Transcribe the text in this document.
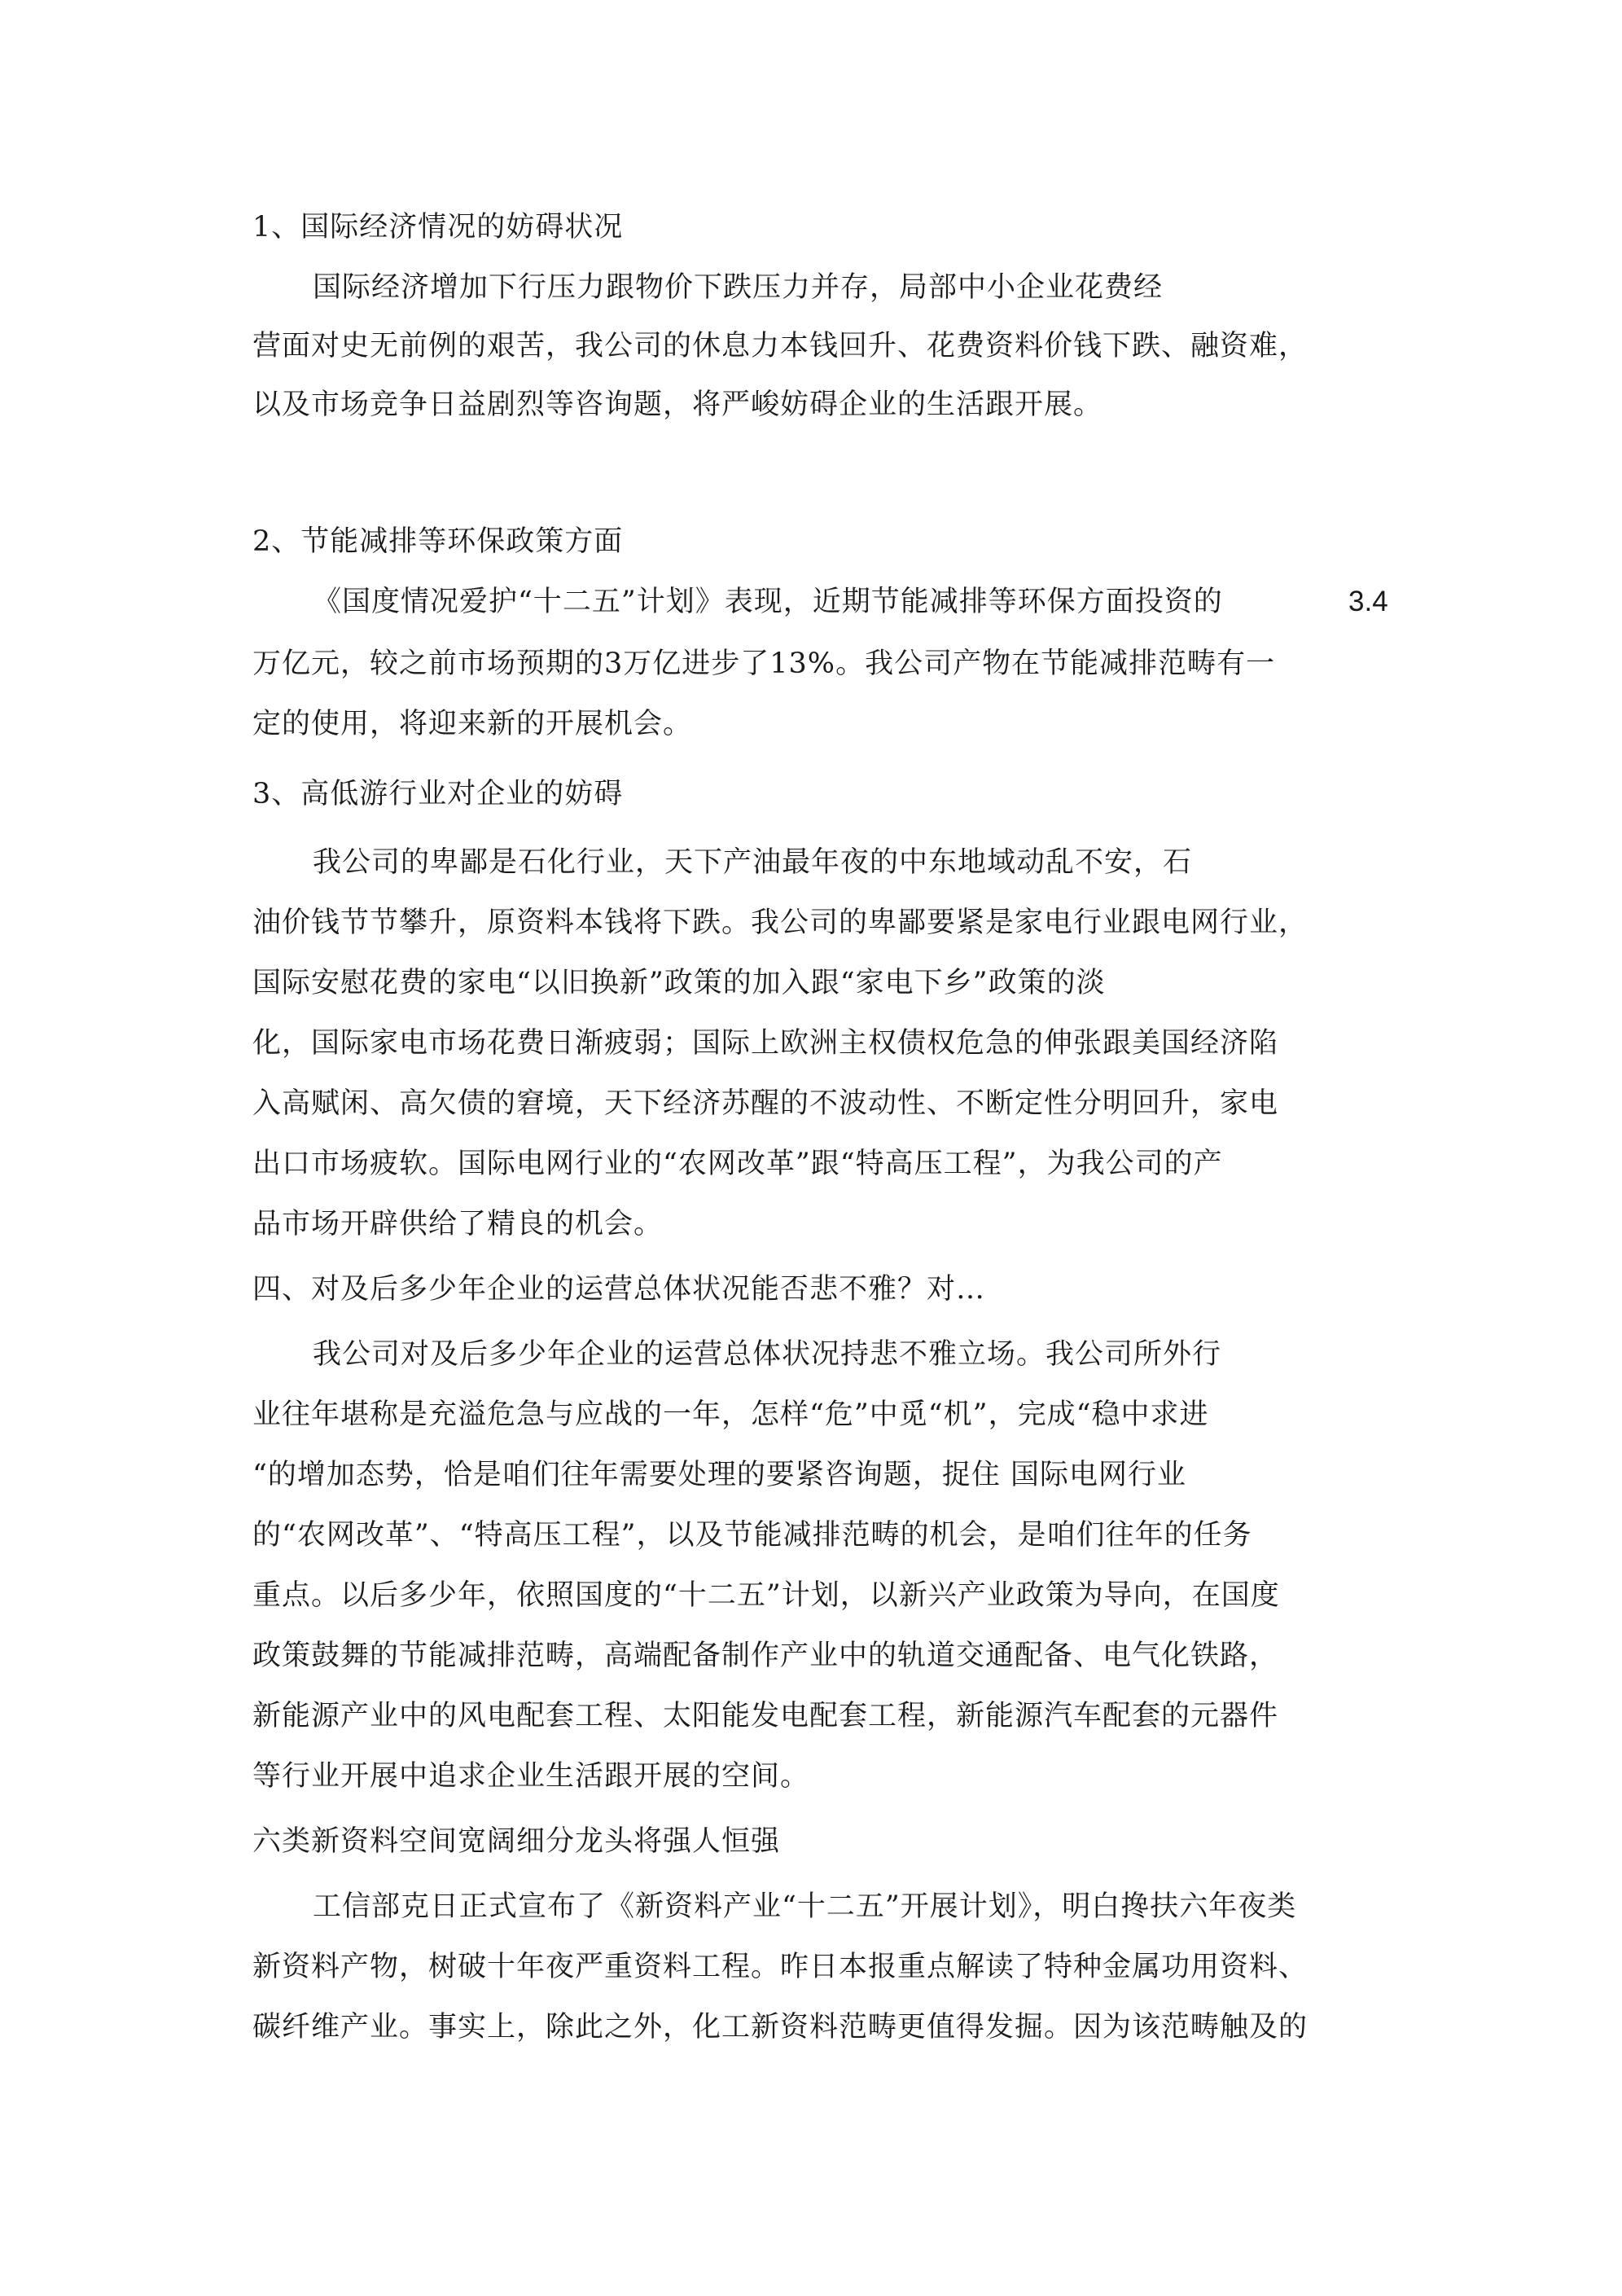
1、国际经济情况的妨碍状况
国际经济增加下行压力跟物价下跌压力并存，局部中小企业花费经
营面对史无前例的艰苦，我公司的休息力本钱回升、花费资料价钱下跌、融资难，
以及市场竞争日益剧烈等咨询题，将严峻妨碍企业的生活跟开展。
2、节能减排等环保政策方面
《国度情况爱护“十二五”计划》表现，近期节能减排等环保方面投资的	3.4
万亿元，较之前市场预期的3万亿进步了13%。我公司产物在节能减排范畴有一
定的使用，将迎来新的开展机会。
3、高低游行业对企业的妨碍
我公司的卑鄙是石化行业，天下产油最年夜的中东地域动乱不安，石
油价钱节节攀升，原资料本钱将下跌。我公司的卑鄙要紧是家电行业跟电网行业，
国际安慰花费的家电“以旧换新”政策的加入跟“家电下乡”政策的淡
化，国际家电市场花费日渐疲弱；国际上欧洲主权债权危急的伸张跟美国经济陷
入高赋闲、高欠债的窘境，天下经济苏醒的不波动性、不断定性分明回升，家电
出口市场疲软。国际电网行业的“农网改革”跟“特高压工程”，为我公司的产
品市场开辟供给了精良的机会。
四、对及后多少年企业的运营总体状况能否悲不雅？对…
我公司对及后多少年企业的运营总体状况持悲不雅立场。我公司所外行
业往年堪称是充溢危急与应战的一年，怎样“危”中觅“机”，完成“稳中求进
“的增加态势，恰是咱们往年需要处理的要紧咨询题，捉住 国际电网行业
的“农网改革”、“特高压工程”，以及节能减排范畴的机会，是咱们往年的任务
重点。以后多少年，依照国度的“十二五”计划，以新兴产业政策为导向，在国度
政策鼓舞的节能减排范畴，高端配备制作产业中的轨道交通配备、电气化铁路，
新能源产业中的风电配套工程、太阳能发电配套工程，新能源汽车配套的元器件
等行业开展中追求企业生活跟开展的空间。
六类新资料空间宽阔细分龙头将强人恒强
工信部克日正式宣布了《新资料产业“十二五”开展计划》，明白搀扶六年夜类
新资料产物，树破十年夜严重资料工程。昨日本报重点解读了特种金属功用资料、
碳纤维产业。事实上，除此之外，化工新资料范畴更值得发掘。因为该范畴触及的
